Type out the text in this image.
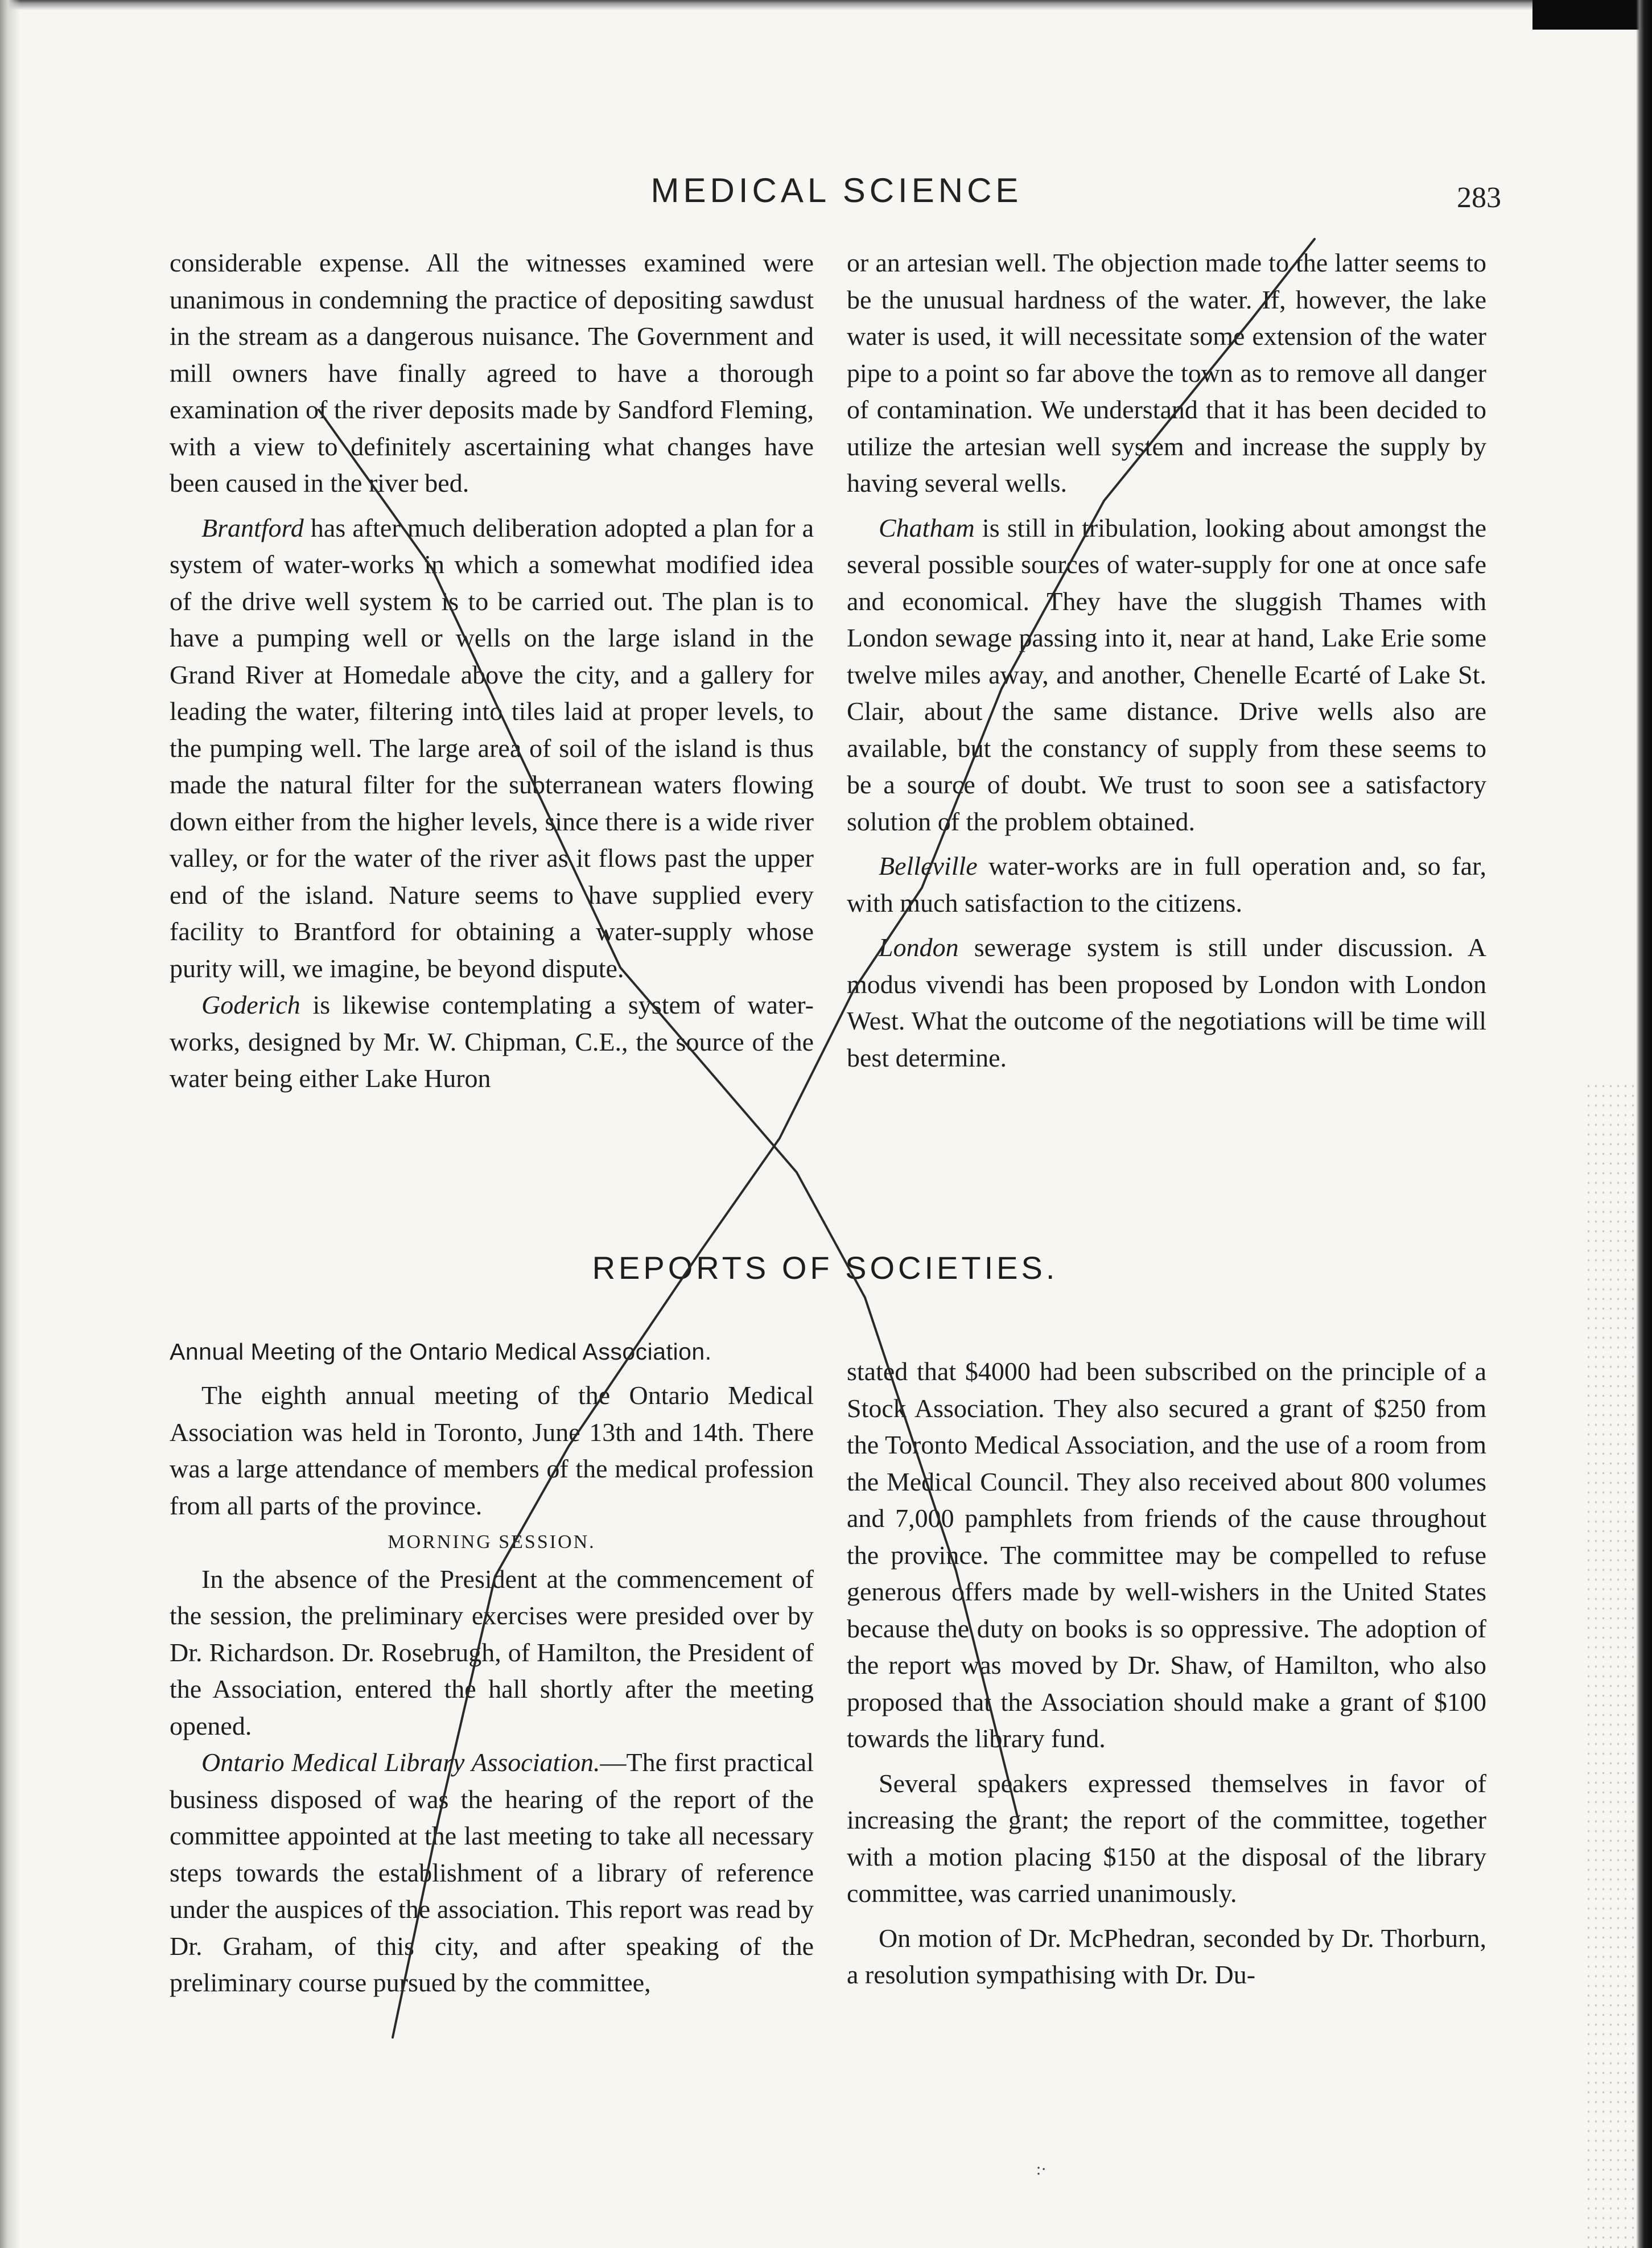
MEDICAL SCIENCE	283

considerable expense. All the witnesses examined were unanimous in condemning the practice of depositing sawdust in the stream as a dangerous nuisance. The Government and mill owners have finally agreed to have a thorough examination of the river deposits made by Sandford Fleming, with a view to definitely ascertaining what changes have been caused in the river bed.

Brantford has after much deliberation adopted a plan for a system of water-works in which a somewhat modified idea of the drive well system is to be carried out. The plan is to have a pumping well or wells on the large island in the Grand River at Homedale above the city, and a gallery for leading the water, filtering into tiles laid at proper levels, to the pumping well. The large area of soil of the island is thus made the natural filter for the subterranean waters flowing down either from the higher levels, since there is a wide river valley, or for the water of the river as it flows past the upper end of the island. Nature seems to have supplied every facility to Brantford for obtaining a water-supply whose purity will, we imagine, be beyond dispute.

Goderich is likewise contemplating a system of water-works, designed by Mr. W. Chipman, C.E., the source of the water being either Lake Huron

or an artesian well. The objection made to the latter seems to be the unusual hardness of the water. If, however, the lake water is used, it will necessitate some extension of the water pipe to a point so far above the town as to remove all danger of contamination. We understand that it has been decided to utilize the artesian well system and increase the supply by having several wells.

Chatham is still in tribulation, looking about amongst the several possible sources of water-supply for one at once safe and economical. They have the sluggish Thames with London sewage passing into it, near at hand, Lake Erie some twelve miles away, and another, Chenelle Ecarté of Lake St. Clair, about the same distance. Drive wells also are available, but the constancy of supply from these seems to be a source of doubt. We trust to soon see a satisfactory solution of the problem obtained.

Belleville water-works are in full operation and, so far, with much satisfaction to the citizens.

London sewerage system is still under discussion. A modus vivendi has been proposed by London with London West. What the outcome of the negotiations will be time will best determine.

REPORTS OF SOCIETIES.
Annual Meeting of the Ontario Medical Association.

The eighth annual meeting of the Ontario Medical Association was held in Toronto, June 13th and 14th. There was a large attendance of members of the medical profession from all parts of the province.

MORNING SESSION.

In the absence of the President at the commencement of the session, the preliminary exercises were presided over by Dr. Richardson. Dr. Rosebrugh, of Hamilton, the President of the Association, entered the hall shortly after the meeting opened.

Ontario Medical Library Association.—The first practical business disposed of was the hearing of the report of the committee appointed at the last meeting to take all necessary steps towards the establishment of a library of reference under the auspices of the association. This report was read by Dr. Graham, of this city, and after speaking of the preliminary course pursued by the committee,

stated that $4000 had been subscribed on the principle of a Stock Association. They also secured a grant of $250 from the Toronto Medical Association, and the use of a room from the Medical Council. They also received about 800 volumes and 7,000 pamphlets from friends of the cause throughout the province. The committee may be compelled to refuse generous offers made by well-wishers in the United States because the duty on books is so oppressive. The adoption of the report was moved by Dr. Shaw, of Hamilton, who also proposed that the Association should make a grant of $100 towards the library fund.

Several speakers expressed themselves in favor of increasing the grant; the report of the committee, together with a motion placing $150 at the disposal of the library committee, was carried unanimously.

On motion of Dr. McPhedran, seconded by Dr. Thorburn, a resolution sympathising with Dr. Du-

:·
